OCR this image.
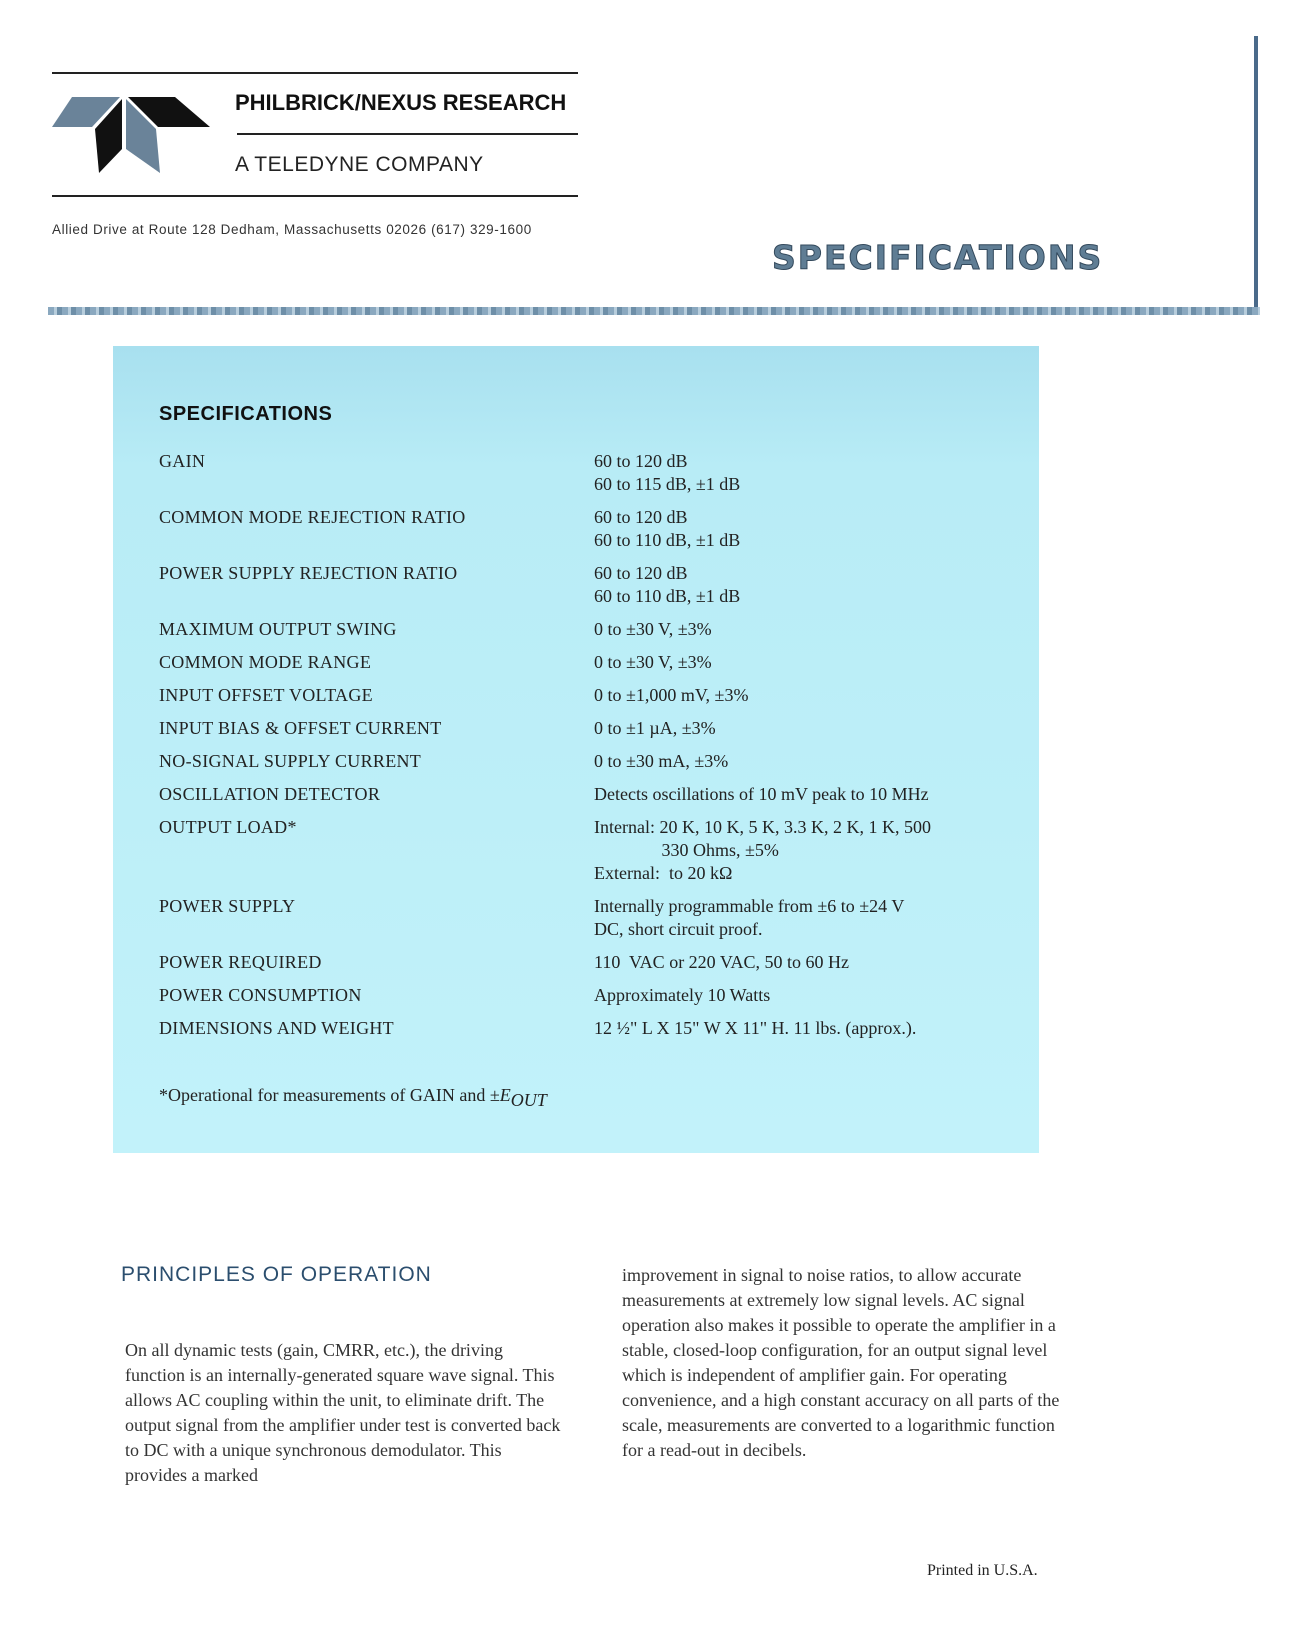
PHILBRICK/NEXUS RESEARCH
A TELEDYNE COMPANY
Allied Drive at Route 128 Dedham, Massachusetts 02026 (617) 329-1600
SPECIFICATIONS
SPECIFICATIONS
GAIN	60 to 120 dB
60 to 115 dB, ±1 dB
COMMON MODE REJECTION RATIO	60 to 120 dB
60 to 110 dB, ±1 dB
POWER SUPPLY REJECTION RATIO	60 to 120 dB
60 to 110 dB, ±1 dB
MAXIMUM OUTPUT SWING	0 to ±30 V, ±3%
COMMON MODE RANGE	0 to ±30 V, ±3%
INPUT OFFSET VOLTAGE	0 to ±1,000 mV, ±3%
INPUT BIAS & OFFSET CURRENT	0 to ±1 µA, ±3%
NO-SIGNAL SUPPLY CURRENT	0 to ±30 mA, ±3%
OSCILLATION DETECTOR	Detects oscillations of 10 mV peak to 10 MHz
OUTPUT LOAD*	Internal: 20 K, 10 K, 5 K, 3.3 K, 2 K, 1 K, 500
330 Ohms, ±5%
External:  to 20 kΩ
POWER SUPPLY	Internally programmable from ±6 to ±24 V
DC, short circuit proof.
POWER REQUIRED	110  VAC or 220 VAC, 50 to 60 Hz
POWER CONSUMPTION	Approximately 10 Watts
DIMENSIONS AND WEIGHT	12 ½" L X 15" W X 11" H. 11 lbs. (approx.).
*Operational for measurements of GAIN and $\pm E_{OUT}$
PRINCIPLES OF OPERATION
On all dynamic tests (gain, CMRR, etc.), the driving function is an internally-generated square wave signal. This allows AC coupling within the unit, to eliminate drift. The output signal from the amplifier under test is converted back to DC with a unique synchronous demodulator. This provides a marked
improvement in signal to noise ratios, to allow accurate measurements at extremely low signal levels. AC signal operation also makes it possible to operate the amplifier in a stable, closed-loop configuration, for an output signal level which is independent of amplifier gain. For operating convenience, and a high constant accuracy on all parts of the scale, measurements are converted to a logarithmic function for a read-out in decibels.
Printed in U.S.A.
